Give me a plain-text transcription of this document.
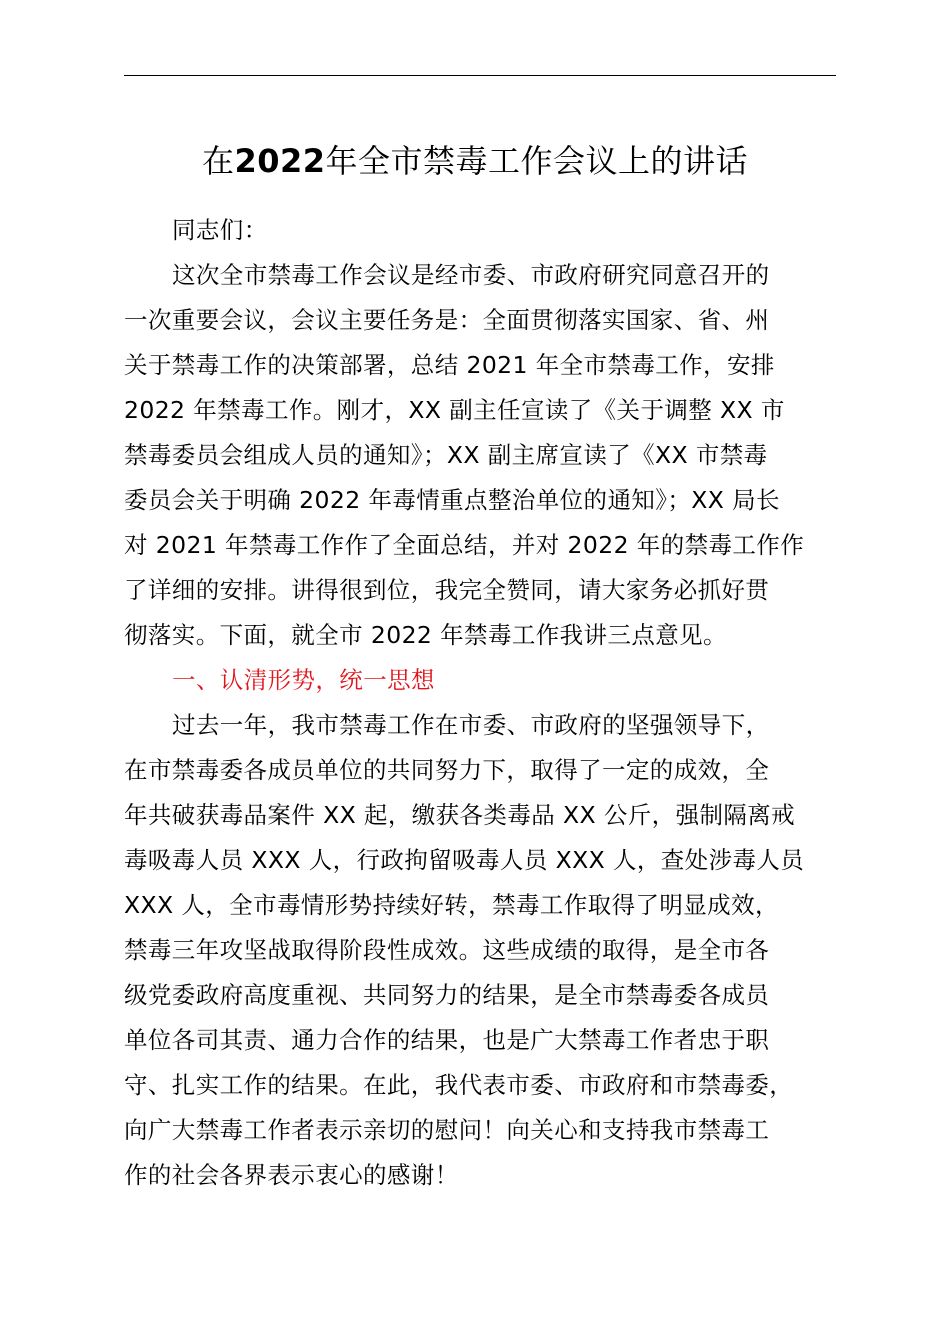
在2022年全市禁毒工作会议上的讲话
同志们：
这次全市禁毒工作会议是经市委、市政府研究同意召开的
一次重要会议，会议主要任务是：全面贯彻落实国家、省、州
关于禁毒工作的决策部署，总结 2021 年全市禁毒工作，安排
2022 年禁毒工作。刚才，XX 副主任宣读了《关于调整 XX 市
禁毒委员会组成人员的通知》；XX 副主席宣读了《XX 市禁毒
委员会关于明确 2022 年毒情重点整治单位的通知》；XX 局长
对 2021 年禁毒工作作了全面总结，并对 2022 年的禁毒工作作
了详细的安排。讲得很到位，我完全赞同，请大家务必抓好贯
彻落实。下面，就全市 2022 年禁毒工作我讲三点意见。
一、认清形势，统一思想
过去一年，我市禁毒工作在市委、市政府的坚强领导下，
在市禁毒委各成员单位的共同努力下，取得了一定的成效，全
年共破获毒品案件 XX 起，缴获各类毒品 XX 公斤，强制隔离戒
毒吸毒人员 XXX 人，行政拘留吸毒人员 XXX 人，查处涉毒人员
XXX 人，全市毒情形势持续好转，禁毒工作取得了明显成效，
禁毒三年攻坚战取得阶段性成效。这些成绩的取得，是全市各
级党委政府高度重视、共同努力的结果，是全市禁毒委各成员
单位各司其责、通力合作的结果，也是广大禁毒工作者忠于职
守、扎实工作的结果。在此，我代表市委、市政府和市禁毒委，
向广大禁毒工作者表示亲切的慰问！向关心和支持我市禁毒工
作的社会各界表示衷心的感谢！
